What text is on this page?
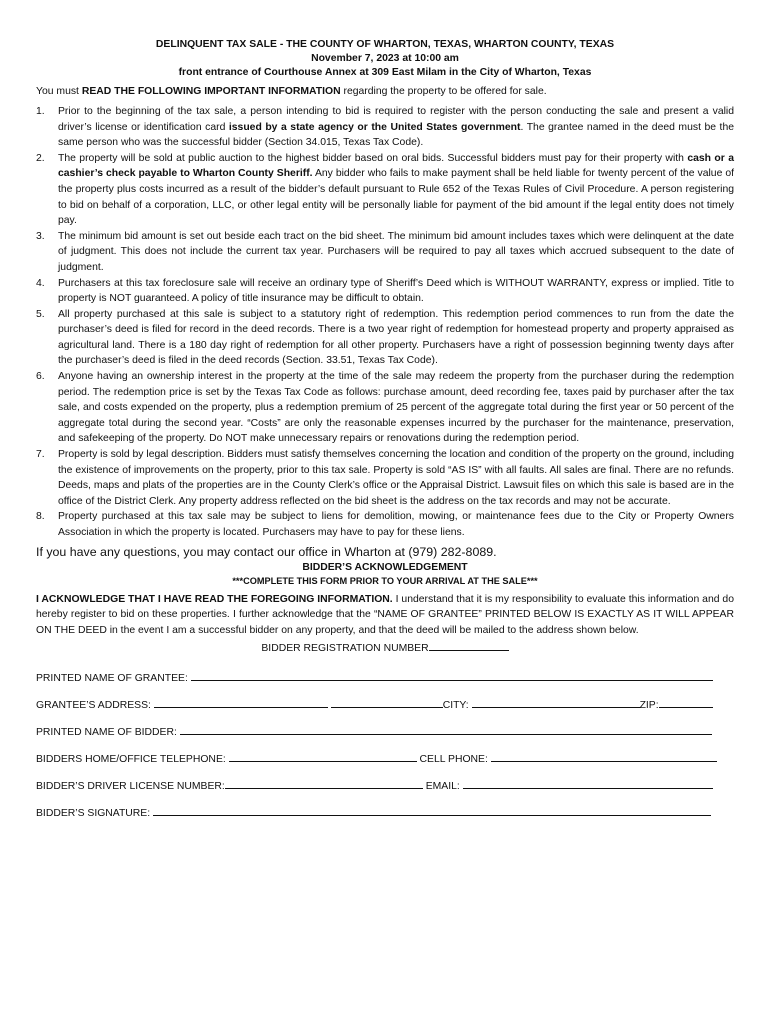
DELINQUENT TAX SALE - THE COUNTY OF WHARTON, TEXAS, WHARTON COUNTY, TEXAS
November 7, 2023 at 10:00 am
front entrance of Courthouse Annex at 309 East Milam in the City of Wharton, Texas
You must READ THE FOLLOWING IMPORTANT INFORMATION regarding the property to be offered for sale.
1.	Prior to the beginning of the tax sale, a person intending to bid is required to register with the person conducting the sale and present a valid driver’s license or identification card issued by a state agency or the United States government. The grantee named in the deed must be the same person who was the successful bidder (Section 34.015, Texas Tax Code).
2.	The property will be sold at public auction to the highest bidder based on oral bids. Successful bidders must pay for their property with cash or a cashier’s check payable to Wharton County Sheriff. Any bidder who fails to make payment shall be held liable for twenty percent of the value of the property plus costs incurred as a result of the bidder’s default pursuant to Rule 652 of the Texas Rules of Civil Procedure. A person registering to bid on behalf of a corporation, LLC, or other legal entity will be personally liable for payment of the bid amount if the legal entity does not timely pay.
3.	The minimum bid amount is set out beside each tract on the bid sheet. The minimum bid amount includes taxes which were delinquent at the date of judgment. This does not include the current tax year. Purchasers will be required to pay all taxes which accrued subsequent to the date of judgment.
4.	Purchasers at this tax foreclosure sale will receive an ordinary type of Sheriff’s Deed which is WITHOUT WARRANTY, express or implied. Title to property is NOT guaranteed. A policy of title insurance may be difficult to obtain.
5.	All property purchased at this sale is subject to a statutory right of redemption. This redemption period commences to run from the date the purchaser’s deed is filed for record in the deed records. There is a two year right of redemption for homestead property and property appraised as agricultural land. There is a 180 day right of redemption for all other property. Purchasers have a right of possession beginning twenty days after the purchaser’s deed is filed in the deed records (Section. 33.51, Texas Tax Code).
6.	Anyone having an ownership interest in the property at the time of the sale may redeem the property from the purchaser during the redemption period. The redemption price is set by the Texas Tax Code as follows: purchase amount, deed recording fee, taxes paid by purchaser after the tax sale, and costs expended on the property, plus a redemption premium of 25 percent of the aggregate total during the first year or 50 percent of the aggregate total during the second year. “Costs” are only the reasonable expenses incurred by the purchaser for the maintenance, preservation, and safekeeping of the property. Do NOT make unnecessary repairs or renovations during the redemption period.
7.	Property is sold by legal description. Bidders must satisfy themselves concerning the location and condition of the property on the ground, including the existence of improvements on the property, prior to this tax sale. Property is sold “AS IS” with all faults. All sales are final. There are no refunds. Deeds, maps and plats of the properties are in the County Clerk’s office or the Appraisal District. Lawsuit files on which this sale is based are in the office of the District Clerk. Any property address reflected on the bid sheet is the address on the tax records and may not be accurate.
8.	Property purchased at this tax sale may be subject to liens for demolition, mowing, or maintenance fees due to the City or Property Owners Association in which the property is located. Purchasers may have to pay for these liens.
If you have any questions, you may contact our office in Wharton at (979) 282-8089.
BIDDER’S ACKNOWLEDGEMENT
***COMPLETE THIS FORM PRIOR TO YOUR ARRIVAL AT THE SALE***
I ACKNOWLEDGE THAT I HAVE READ THE FOREGOING INFORMATION. I understand that it is my responsibility to evaluate this information and do hereby register to bid on these properties. I further acknowledge that the “NAME OF GRANTEE” PRINTED BELOW IS EXACTLY AS IT WILL APPEAR ON THE DEED in the event I am a successful bidder on any property, and that the deed will be mailed to the address shown below.
BIDDER REGISTRATION NUMBER
PRINTED NAME OF GRANTEE:
GRANTEE’S ADDRESS:	CITY:	ZIP:
PRINTED NAME OF BIDDER:
BIDDERS HOME/OFFICE TELEPHONE:	CELL PHONE:
BIDDER’S DRIVER LICENSE NUMBER:	EMAIL:
BIDDER’S SIGNATURE:
